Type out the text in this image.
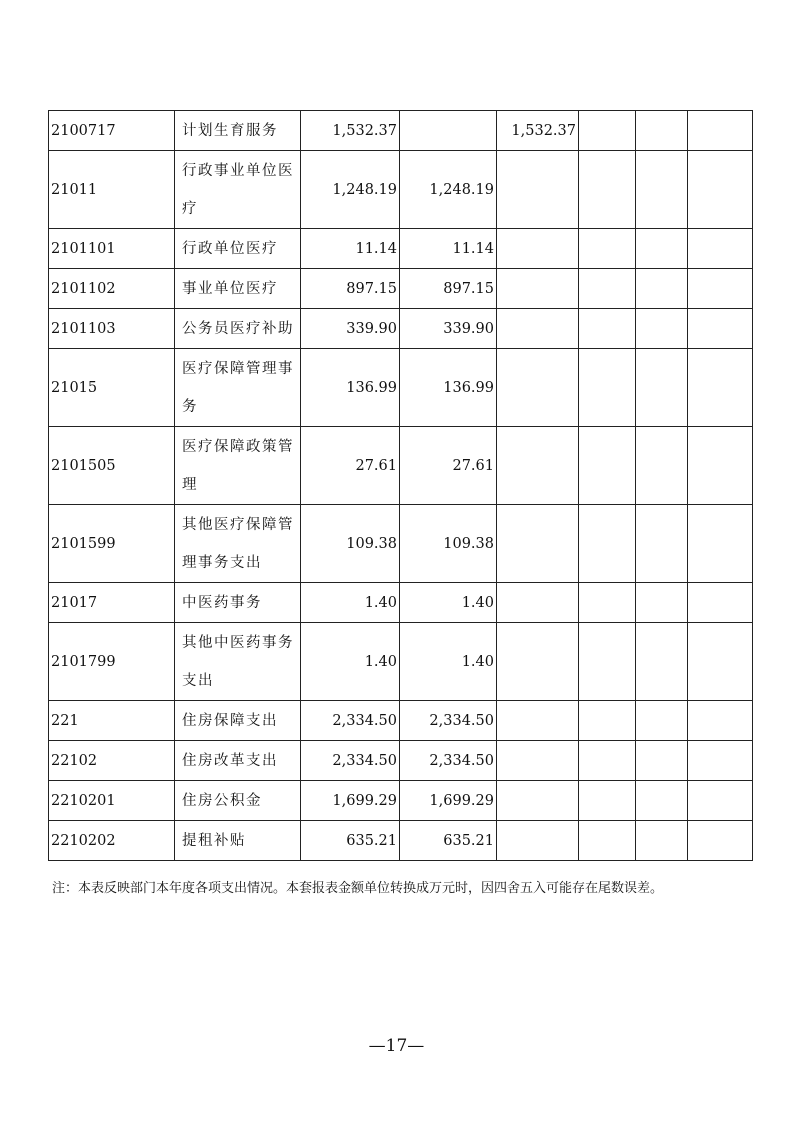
2100717	计划生育服务	1,532.37		1,532.37			
21011	行政事业单位医疗	1,248.19	1,248.19				
2101101	行政单位医疗	11.14	11.14				
2101102	事业单位医疗	897.15	897.15				
2101103	公务员医疗补助	339.90	339.90				
21015	医疗保障管理事务	136.99	136.99				
2101505	医疗保障政策管理	27.61	27.61				
2101599	其他医疗保障管理事务支出	109.38	109.38				
21017	中医药事务	1.40	1.40				
2101799	其他中医药事务支出	1.40	1.40				
221	住房保障支出	2,334.50	2,334.50				
22102	住房改革支出	2,334.50	2,334.50				
2210201	住房公积金	1,699.29	1,699.29				
2210202	提租补贴	635.21	635.21				
注：本表反映部门本年度各项支出情况。本套报表金额单位转换成万元时，因四舍五入可能存在尾数误差。
—17—
